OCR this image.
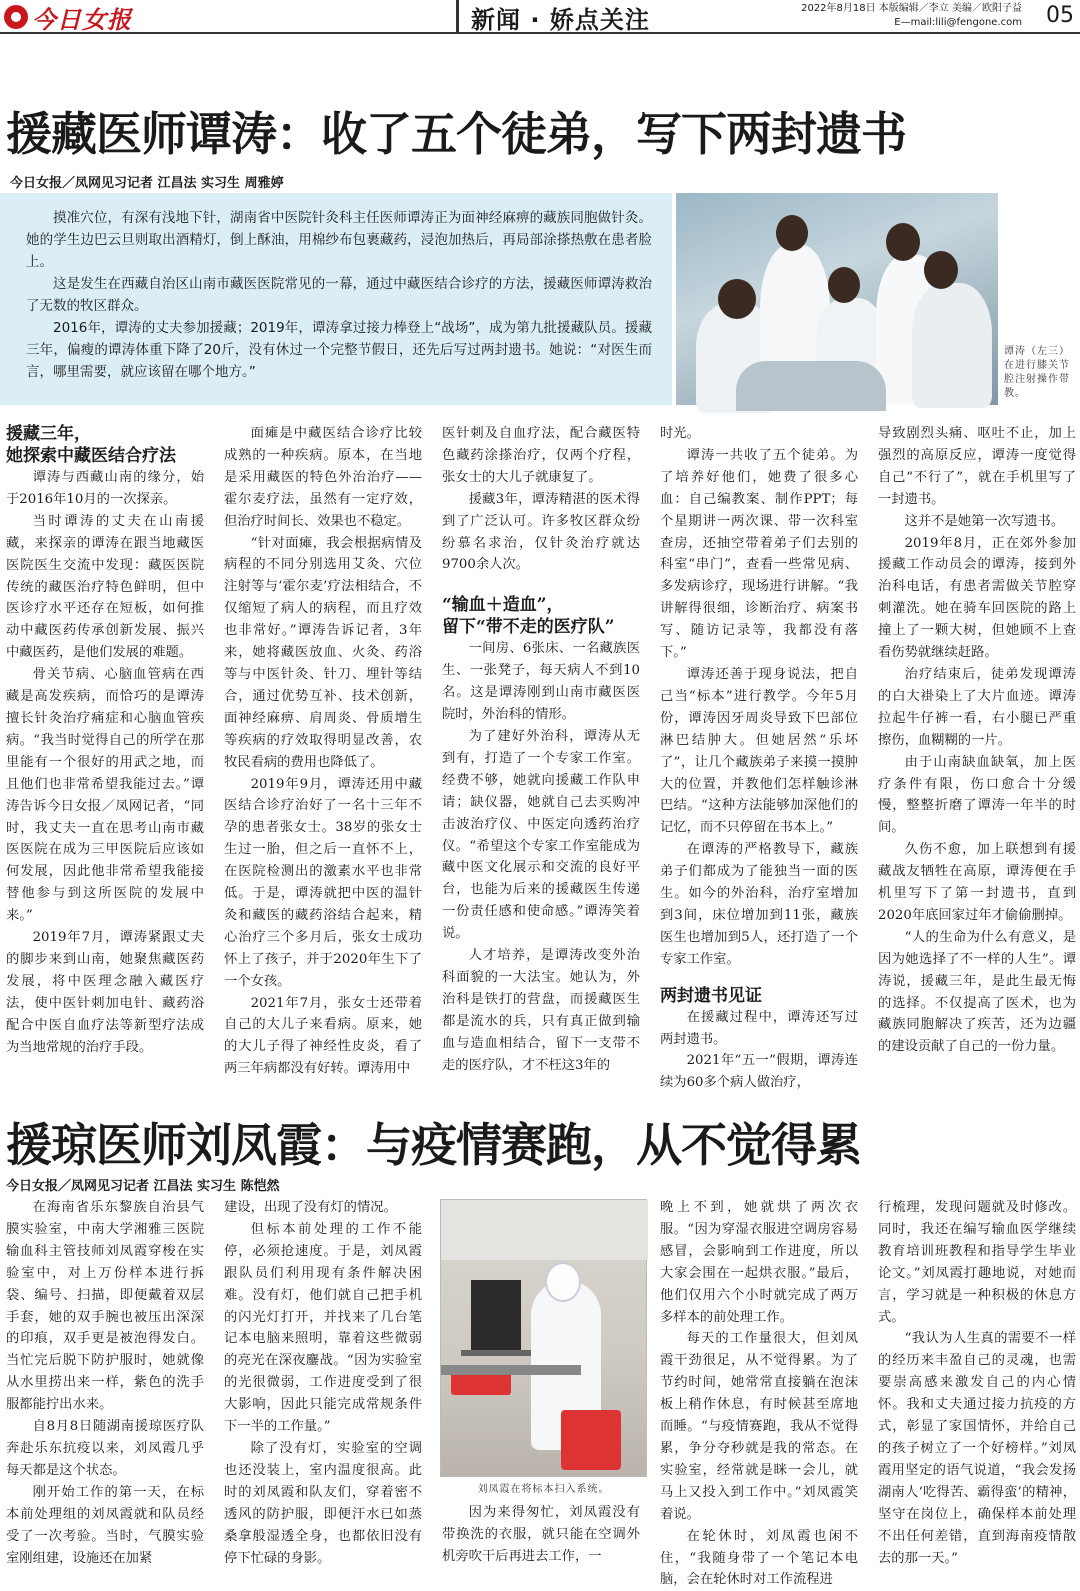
今日女报	新闻 · 娇点关注	2022年8月18日 本版编辑／李立 美编／欧阳子益
E—mail:lili@fengone.com 05
援藏医师谭涛：收了五个徒弟，写下两封遗书
今日女报／凤网见习记者 江昌法 实习生 周雅婷

摸准穴位，有深有浅地下针，湖南省中医院针灸科主任医师谭涛正为面神经麻痹的藏族同胞做针灸。她的学生边巴云旦则取出酒精灯，倒上酥油，用棉纱布包裹藏药，浸泡加热后，再局部涂搽热敷在患者脸上。

这是发生在西藏自治区山南市藏医医院常见的一幕，通过中藏医结合诊疗的方法，援藏医师谭涛救治了无数的牧区群众。

2016年，谭涛的丈夫参加援藏；2019年，谭涛拿过接力棒登上“战场”，成为第九批援藏队员。援藏三年，偏瘦的谭涛体重下降了20斤，没有休过一个完整节假日，还先后写过两封遗书。她说：“对医生而言，哪里需要，就应该留在哪个地方。”

谭涛（左三）在进行膝关节腔注射操作带教。
援藏三年，
她探索中藏医结合疗法

谭涛与西藏山南的缘分，始于2016年10月的一次探亲。

当时谭涛的丈夫在山南援藏，来探亲的谭涛在跟当地藏医医院医生交流中发现：藏医医院传统的藏医治疗特色鲜明，但中医诊疗水平还存在短板，如何推动中藏医药传承创新发展、振兴中藏医药，是他们发展的难题。

骨关节病、心脑血管病在西藏是高发疾病，而恰巧的是谭涛擅长针灸治疗痛症和心脑血管疾病。“我当时觉得自己的所学在那里能有一个很好的用武之地，而且他们也非常希望我能过去。”谭涛告诉今日女报／凤网记者，“同时，我丈夫一直在思考山南市藏医医院在成为三甲医院后应该如何发展，因此他非常希望我能接替他参与到这所医院的发展中来。”

2019年7月，谭涛紧跟丈夫的脚步来到山南，她聚焦藏医药发展，将中医理念融入藏医疗法，使中医针刺加电针、藏药浴配合中医自血疗法等新型疗法成为当地常规的治疗手段。

面瘫是中藏医结合诊疗比较成熟的一种疾病。原本，在当地是采用藏医的特色外治治疗——霍尔麦疗法，虽然有一定疗效，但治疗时间长、效果也不稳定。

“针对面瘫，我会根据病情及病程的不同分别选用艾灸、穴位注射等与‘霍尔麦’疗法相结合，不仅缩短了病人的病程，而且疗效也非常好。”谭涛告诉记者，3年来，她将藏医放血、火灸、药浴等与中医针灸、针刀、埋针等结合，通过优势互补、技术创新，面神经麻痹、肩周炎、骨质增生等疾病的疗效取得明显改善，农牧民看病的费用也降低了。

2019年9月，谭涛还用中藏医结合诊疗治好了一名十三年不孕的患者张女士。38岁的张女士生过一胎，但之后一直怀不上，在医院检测出的激素水平也非常低。于是，谭涛就把中医的温针灸和藏医的藏药浴结合起来，精心治疗三个多月后，张女士成功怀上了孩子，并于2020年生下了一个女孩。

2021年7月，张女士还带着自己的大儿子来看病。原来，她的大儿子得了神经性皮炎，看了两三年病都没有好转。谭涛用中

医针刺及自血疗法，配合藏医特色藏药涂搽治疗，仅两个疗程，张女士的大儿子就康复了。

援藏3年，谭涛精湛的医术得到了广泛认可。许多牧区群众纷纷慕名求治，仅针灸治疗就达9700余人次。

“输血＋造血”，
留下“带不走的医疗队”

一间房、6张床、一名藏族医生、一张凳子，每天病人不到10名。这是谭涛刚到山南市藏医医院时，外治科的情形。

为了建好外治科，谭涛从无到有，打造了一个专家工作室。经费不够，她就向援藏工作队申请；缺仪器，她就自己去买购冲击波治疗仪、中医定向透药治疗仪。“希望这个专家工作室能成为藏中医文化展示和交流的良好平台，也能为后来的援藏医生传递一份责任感和使命感。”谭涛笑着说。

人才培养，是谭涛改变外治科面貌的一大法宝。她认为，外治科是铁打的营盘，而援藏医生都是流水的兵，只有真正做到输血与造血相结合，留下一支带不走的医疗队，才不枉这3年的

时光。

谭涛一共收了五个徒弟。为了培养好他们，她费了很多心血：自己编教案、制作PPT；每个星期讲一两次课、带一次科室查房，还抽空带着弟子们去别的科室“串门”，查看一些常见病、多发病诊疗，现场进行讲解。“我讲解得很细，诊断治疗、病案书写、随访记录等，我都没有落下。”

谭涛还善于现身说法，把自己当“标本”进行教学。今年5月份，谭涛因牙周炎导致下巴部位淋巴结肿大。但她居然“乐坏了”，让几个藏族弟子来摸一摸肿大的位置，并教他们怎样触诊淋巴结。“这种方法能够加深他们的记忆，而不只停留在书本上。”

在谭涛的严格教导下，藏族弟子们都成为了能独当一面的医生。如今的外治科，治疗室增加到3间，床位增加到11张，藏族医生也增加到5人，还打造了一个专家工作室。

两封遗书见证

在援藏过程中，谭涛还写过两封遗书。

2021年“五一”假期，谭涛连续为60多个病人做治疗，

导致剧烈头痛、呕吐不止，加上强烈的高原反应，谭涛一度觉得自己“不行了”，就在手机里写了一封遗书。

这并不是她第一次写遗书。

2019年8月，正在郊外参加援藏工作动员会的谭涛，接到外治科电话，有患者需做关节腔穿刺灌洗。她在骑车回医院的路上撞上了一颗大树，但她顾不上查看伤势就继续赶路。

治疗结束后，徒弟发现谭涛的白大褂染上了大片血迹。谭涛拉起牛仔裤一看，右小腿已严重擦伤，血糊糊的一片。

由于山南缺血缺氧，加上医疗条件有限，伤口愈合十分缓慢，整整折磨了谭涛一年半的时间。

久伤不愈，加上联想到有援藏战友牺牲在高原，谭涛便在手机里写下了第一封遗书，直到2020年底回家过年才偷偷删掉。

“人的生命为什么有意义，是因为她选择了不一样的人生”。谭涛说，援藏三年，是此生最无悔的选择。不仅提高了医术，也为藏族同胞解决了疾苦，还为边疆的建设贡献了自己的一份力量。

援琼医师刘凤霞：与疫情赛跑，从不觉得累
今日女报／凤网见习记者 江昌法 实习生 陈恺然

在海南省乐东黎族自治县气膜实验室，中南大学湘雅三医院输血科主管技师刘凤霞穿梭在实验室中，对上万份样本进行拆袋、编号、扫描，即便戴着双层手套，她的双手腕也被压出深深的印痕，双手更是被泡得发白。当忙完后脱下防护服时，她就像从水里捞出来一样，紫色的洗手服都能拧出水来。

自8月8日随湖南援琼医疗队奔赴乐东抗疫以来，刘凤霞几乎每天都是这个状态。

刚开始工作的第一天，在标本前处理组的刘凤霞就和队员经受了一次考验。当时，气膜实验室刚组建，设施还在加紧

建设，出现了没有灯的情况。

但标本前处理的工作不能停，必须抢速度。于是，刘凤霞跟队员们利用现有条件解决困难。没有灯，他们就自己把手机的闪光灯打开，并找来了几台笔记本电脑来照明，靠着这些微弱的亮光在深夜鏖战。“因为实验室的光很微弱，工作进度受到了很大影响，因此只能完成常规条件下一半的工作量。”

除了没有灯，实验室的空调也还没装上，室内温度很高。此时的刘凤霞和队友们，穿着密不透风的防护服，即便汗水已如蒸桑拿般湿透全身，也都依旧没有停下忙碌的身影。

刘凤霞在将标本扫入系统。

因为来得匆忙，刘凤霞没有带换洗的衣服，就只能在空调外机旁吹干后再进去工作，一

晚上不到，她就烘了两次衣服。“因为穿湿衣服进空调房容易感冒，会影响到工作进度，所以大家会围在一起烘衣服。”最后，他们仅用六个小时就完成了两万多样本的前处理工作。

每天的工作量很大，但刘凤霞干劲很足，从不觉得累。为了节约时间，她常常直接躺在泡沫板上稍作休息，有时候甚至席地而睡。“与疫情赛跑，我从不觉得累，争分夺秒就是我的常态。在实验室，经常就是眯一会儿，就马上又投入到工作中。”刘凤霞笑着说。

在轮休时，刘凤霞也闲不住，“我随身带了一个笔记本电脑，会在轮休时对工作流程进

行梳理，发现问题就及时修改。同时，我还在编写输血医学继续教育培训班教程和指导学生毕业论文。”刘凤霞打趣地说，对她而言，学习就是一种积极的休息方式。

“我认为人生真的需要不一样的经历来丰盈自己的灵魂，也需要崇高感来激发自己的内心情怀。我和丈夫通过接力抗疫的方式，彰显了家国情怀，并给自己的孩子树立了一个好榜样。”刘凤霞用坚定的语气说道，“我会发扬湖南人‘吃得苦、霸得蛮’的精神，坚守在岗位上，确保样本前处理不出任何差错，直到海南疫情散去的那一天。”
